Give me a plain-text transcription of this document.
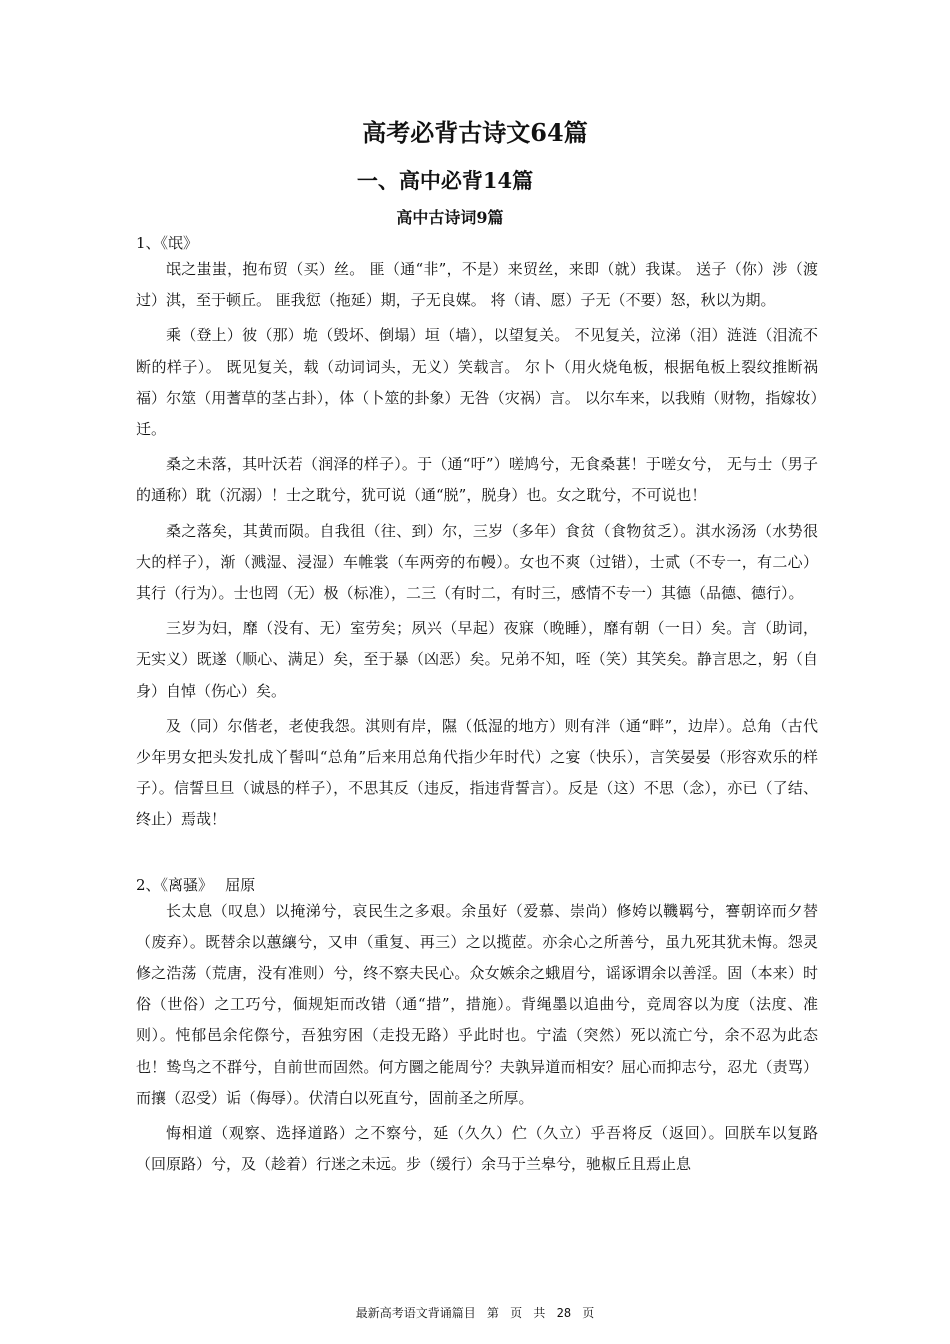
高考必背古诗文64篇
一、高中必背14篇
高中古诗词9篇
1、《氓》

氓之蚩蚩，抱布贸（买）丝。 匪（通“非”，不是）来贸丝，来即（就）我谋。 送子（你）涉（渡过）淇，至于顿丘。 匪我愆（拖延）期，子无良媒。 将（请、愿）子无（不要）怒，秋以为期。

乘（登上）彼（那）垝（毁坏、倒塌）垣（墙），以望复关。 不见复关，泣涕（泪）涟涟（泪流不断的样子）。 既见复关，载（动词词头，无义）笑载言。 尔卜（用火烧龟板，根据龟板上裂纹推断祸福）尔筮（用蓍草的茎占卦），体（卜筮的卦象）无咎（灾祸）言。 以尔车来，以我贿（财物，指嫁妆）迁。

桑之未落，其叶沃若（润泽的样子）。于（通“吁”）嗟鸠兮，无食桑葚！于嗟女兮， 无与士（男子的通称）耽（沉溺）！士之耽兮，犹可说（通“脱”，脱身）也。女之耽兮，不可说也！

桑之落矣，其黄而陨。自我徂（往、到）尔，三岁（多年）食贫（食物贫乏）。淇水汤汤（水势很大的样子），渐（溅湿、浸湿）车帷裳（车两旁的布幔）。女也不爽（过错），士贰（不专一，有二心）其行（行为）。士也罔（无）极（标准），二三（有时二，有时三，感情不专一）其德（品德、德行）。

三岁为妇，靡（没有、无）室劳矣；夙兴（早起）夜寐（晚睡），靡有朝（一日）矣。言（助词，无实义）既遂（顺心、满足）矣，至于暴（凶恶）矣。兄弟不知，咥（笑）其笑矣。静言思之，躬（自身）自悼（伤心）矣。

及（同）尔偕老，老使我怨。淇则有岸，隰（低湿的地方）则有泮（通“畔”，边岸）。总角（古代少年男女把头发扎成丫髻叫“总角”后来用总角代指少年时代）之宴（快乐），言笑晏晏（形容欢乐的样子）。信誓旦旦（诚恳的样子），不思其反（违反，指违背誓言）。反是（这）不思（念），亦已（了结、终止）焉哉！

2、《离骚》　 屈原

长太息（叹息）以掩涕兮，哀民生之多艰。余虽好（爱慕、崇尚）修姱以鞿羁兮，謇朝谇而夕替（废弃）。既替余以蕙纕兮，又申（重复、再三）之以揽茝。亦余心之所善兮，虽九死其犹未悔。怨灵修之浩荡（荒唐，没有准则）兮，终不察夫民心。众女嫉余之蛾眉兮，谣诼谓余以善淫。固（本来）时俗（世俗）之工巧兮，偭规矩而改错（通“措”，措施）。背绳墨以追曲兮，竞周容以为度（法度、准则）。忳郁邑余侘傺兮，吾独穷困（走投无路）乎此时也。宁溘（突然）死以流亡兮，余不忍为此态也！鸷鸟之不群兮，自前世而固然。何方圜之能周兮？夫孰异道而相安？屈心而抑志兮，忍尤（责骂）而攘（忍受）诟（侮辱）。伏清白以死直兮，固前圣之所厚。

悔相道（观察、选择道路）之不察兮，延（久久）伫（久立）乎吾将反（返回）。回朕车以复路（回原路）兮，及（趁着）行迷之未远。步（缓行）余马于兰皋兮，驰椒丘且焉止息

最新高考语文背诵篇目 第 页 共 28 页
